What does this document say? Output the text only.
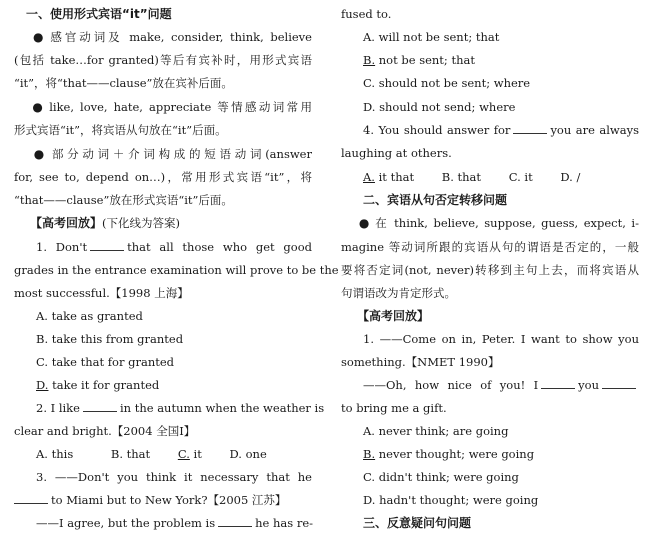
一、使用形式宾语“it”问题
● 感官动词及 make, consider, think, believe
(包括 take…for granted)等后有宾补时，用形式宾语
“it”，将“that——clause”放在宾补后面。
● like, love, hate, appreciate 等情感动词常用
形式宾语“it”，将宾语从句放在“it”后面。
● 部分动词＋介词构成的短语动词(answer
for, see to, depend on…)，常用形式宾语“it”，将
“that——clause”放在形式宾语“it”后面。
【高考回放】(下化线为答案)
1. Don't	that all those who get good
grades in the entrance examination will prove to be the
most successful.【1998 上海】
A. take as granted
B. take this from granted
C. take that for granted
D. take it for granted
2. I like	in the autumn when the weather is
clear and bright.【2004 全国Ⅰ】
A. this	B. that C. it D. one
3. ——Don't you think it necessary that he
to Miami but to New York?【2005 江苏】
——I agree, but the problem is	he has re-
fused to.
A. will not be sent; that
B. not be sent; that
C. should not be sent; where
D. should not send; where
4. You should answer for	you are always
laughing at others.
A. it that B. that C. it D. /
二、宾语从句否定转移问题
● 在 think, believe, suppose, guess, expect, i-
magine 等动词所跟的宾语从句的谓语是否定的，一般
要将否定词(not, never)转移到主句上去，而将宾语从
句谓语改为肯定形式。
【高考回放】
1. ——Come on in, Peter. I want to show you
something.【NMET 1990】
——Oh, how nice of you! I	you
to bring me a gift.
A. never think; are going
B. never thought; were going
C. didn't think; were going
D. hadn't thought; were going
三、反意疑问句问题
